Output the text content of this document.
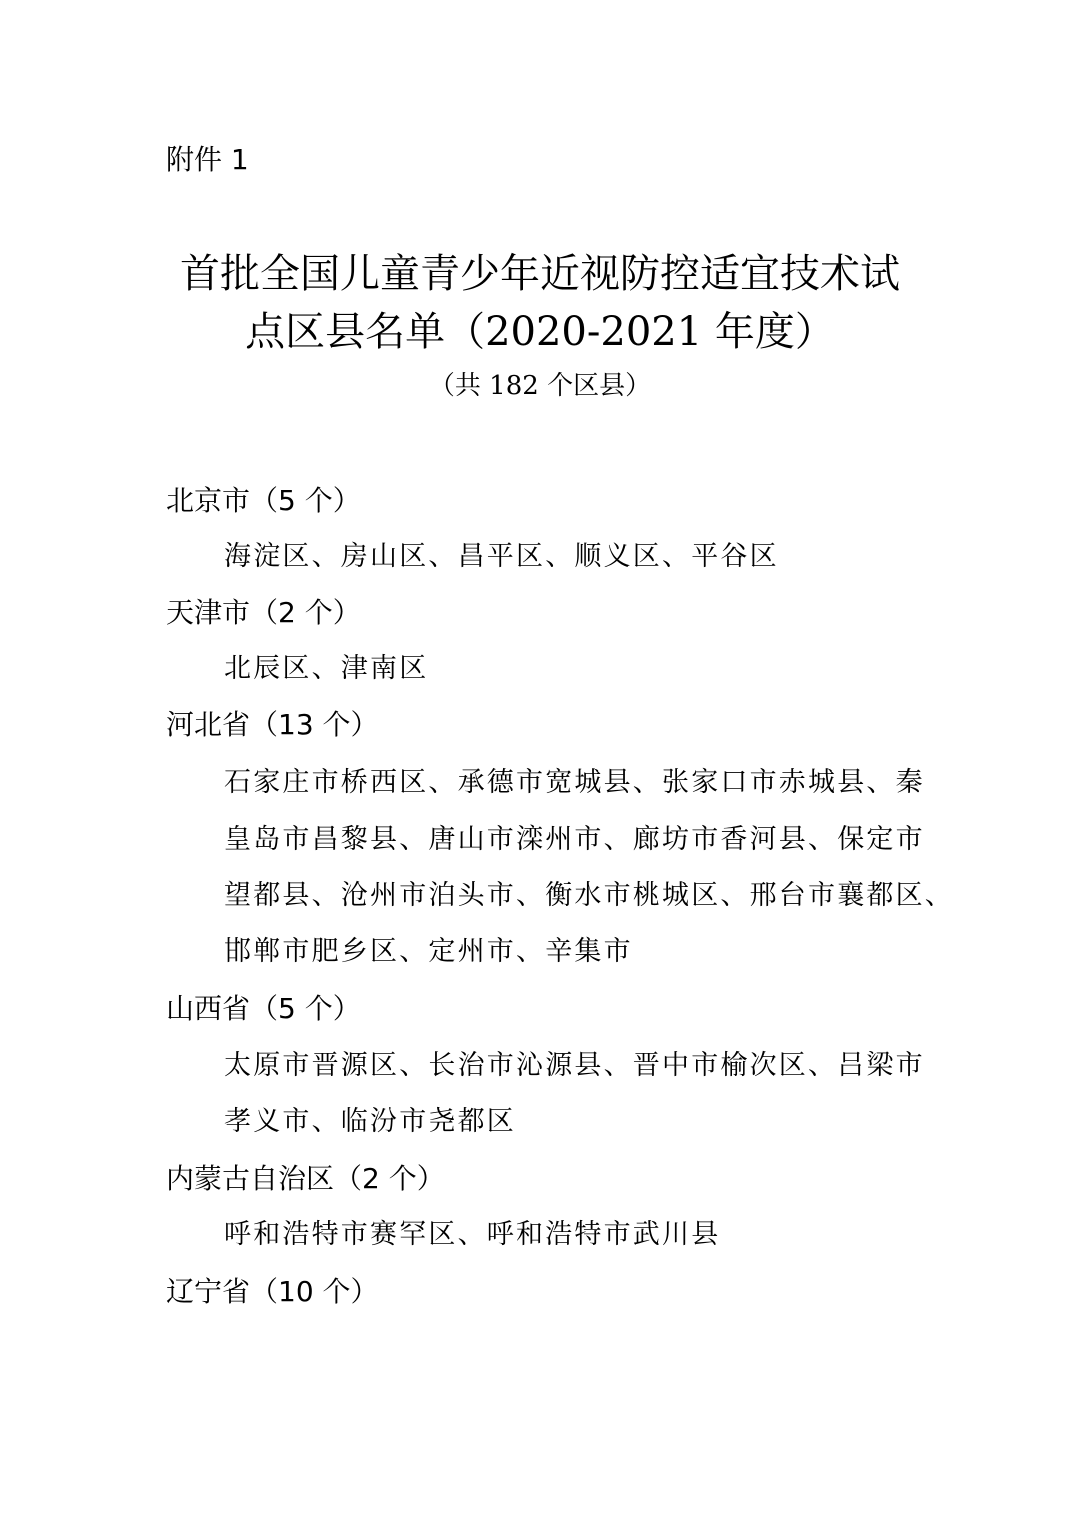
附件 1
首批全国儿童青少年近视防控适宜技术试
点区县名单（2020-2021 年度）
（共 182 个区县）
北京市（5 个）
海淀区、房山区、昌平区、顺义区、平谷区
天津市（2 个）
北辰区、津南区
河北省（13 个）
石家庄市桥西区、承德市宽城县、张家口市赤城县、秦
皇岛市昌黎县、唐山市滦州市、廊坊市香河县、保定市
望都县、沧州市泊头市、衡水市桃城区、邢台市襄都区、
邯郸市肥乡区、定州市、辛集市
山西省（5 个）
太原市晋源区、长治市沁源县、晋中市榆次区、吕梁市
孝义市、临汾市尧都区
内蒙古自治区（2 个）
呼和浩特市赛罕区、呼和浩特市武川县
辽宁省（10 个）
